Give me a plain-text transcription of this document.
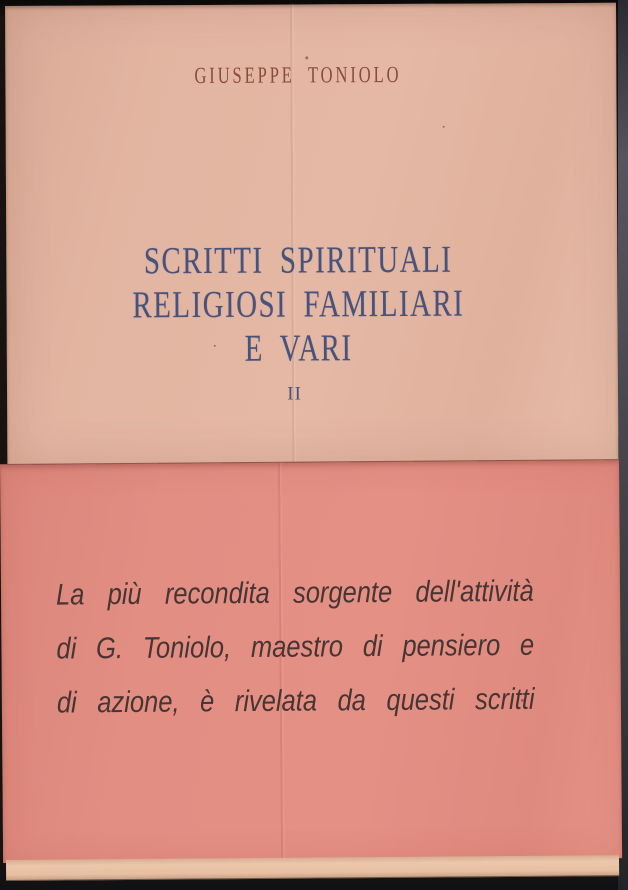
GIUSEPPE TONIOLO
SCRITTI SPIRITUALI
RELIGIOSI FAMILIARI
E VARI
II
La più recondita sorgente dell'attività
di G. Toniolo, maestro di pensiero e
di azione, è rivelata da questi scritti
